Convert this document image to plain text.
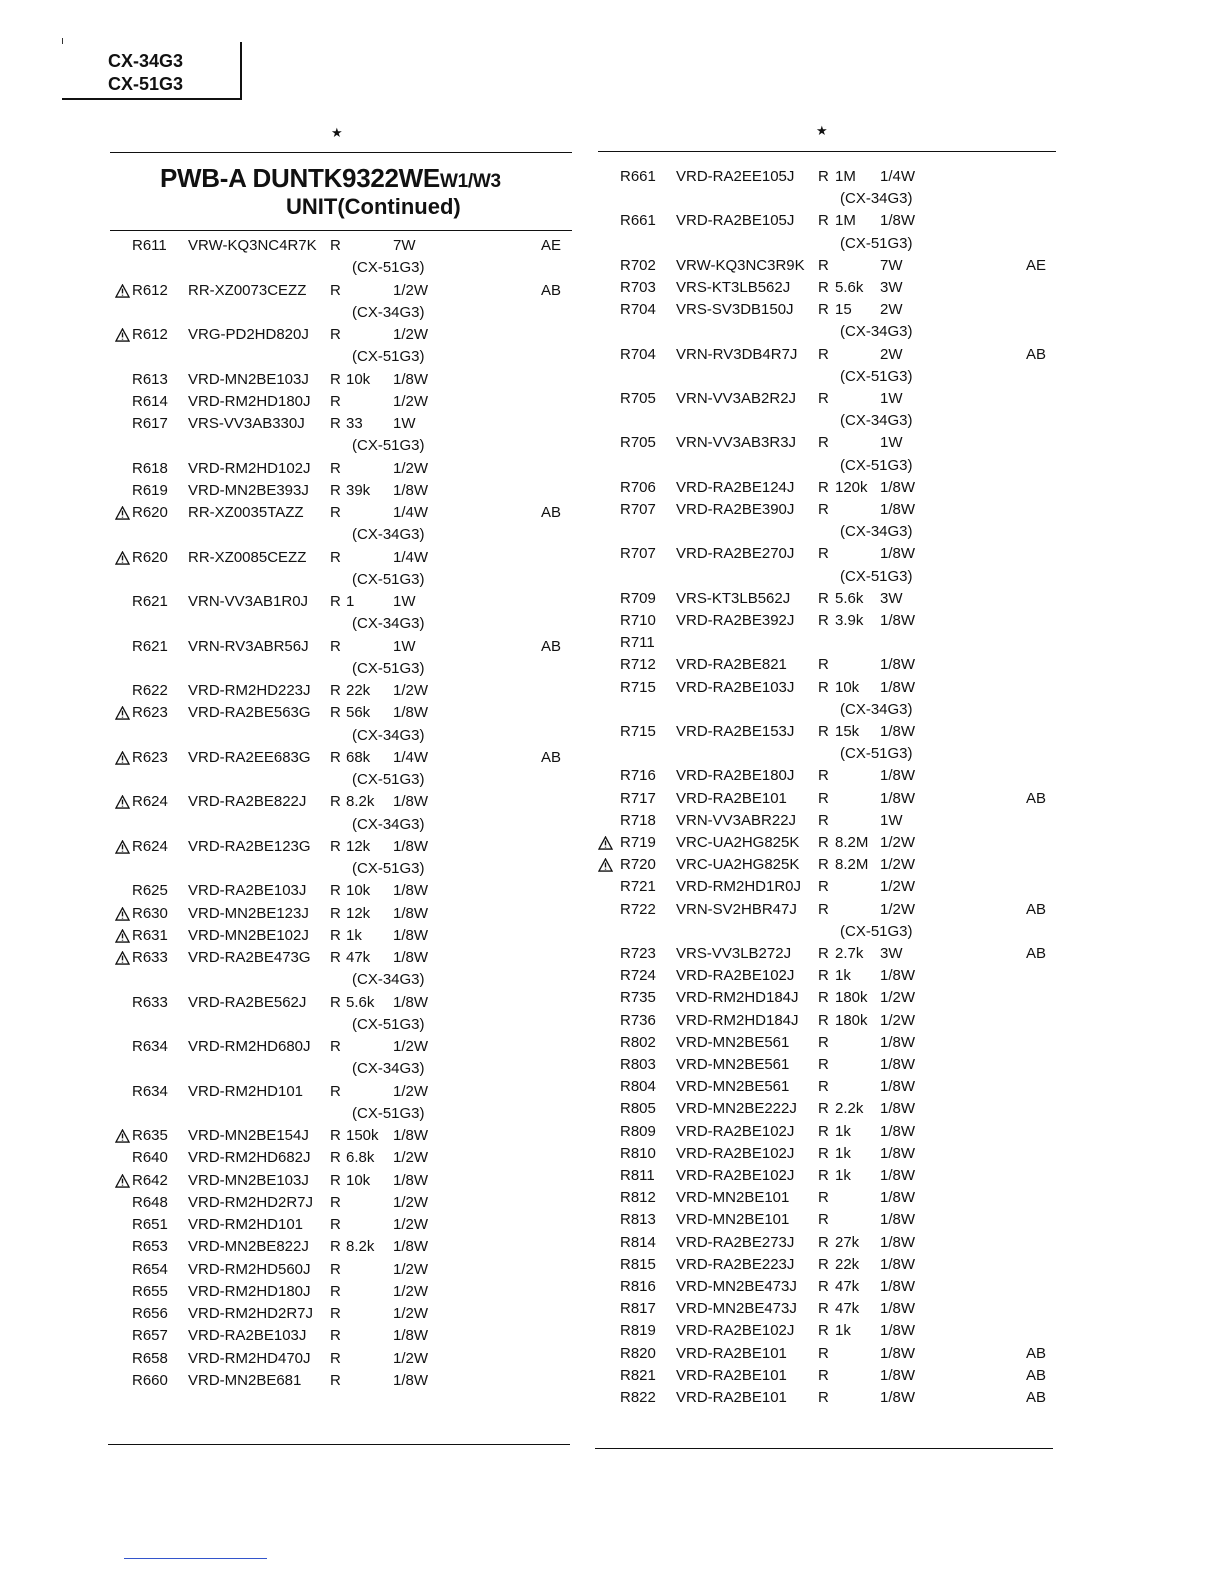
CX-34G3
CX-51G3
★	★
PWB-A DUNTK9322WEW1/W3
UNIT(Continued)
R611 VRW-KQ3NC4R7K R	7W	AE
(CX-51G3)
R612 RR-XZ0073CEZZ R	1/2W	AB
(CX-34G3)
R612 VRG-PD2HD820J R	1/2W
(CX-51G3)
R613 VRD-MN2BE103J R 10k 1/8W
R614 VRD-RM2HD180J R	1/2W
R617 VRS-VV3AB330J R 33 1W
(CX-51G3)
R618 VRD-RM2HD102J R	1/2W
R619 VRD-MN2BE393J R 39k 1/8W
R620 RR-XZ0035TAZZ R	1/4W	AB
(CX-34G3)
R620 RR-XZ0085CEZZ R	1/4W
(CX-51G3)
R621 VRN-VV3AB1R0J R 1	1W
(CX-34G3)
R621 VRN-RV3ABR56J R	1W	AB
(CX-51G3)
R622 VRD-RM2HD223J R 22k 1/2W
R623 VRD-RA2BE563G R 56k 1/8W
(CX-34G3)
R623 VRD-RA2EE683G R 68k 1/4W	AB
(CX-51G3)
R624 VRD-RA2BE822J R 8.2k 1/8W
(CX-34G3)
R624 VRD-RA2BE123G R 12k 1/8W
(CX-51G3)
R625 VRD-RA2BE103J R 10k 1/8W
R630 VRD-MN2BE123J R 12k 1/8W
R631 VRD-MN2BE102J R 1k 1/8W
R633 VRD-RA2BE473G R 47k 1/8W
(CX-34G3)
R633 VRD-RA2BE562J R 5.6k 1/8W
(CX-51G3)
R634 VRD-RM2HD680J R	1/2W
(CX-34G3)
R634 VRD-RM2HD101 R	1/2W
(CX-51G3)
R635 VRD-MN2BE154J R 150k 1/8W
R640 VRD-RM2HD682J R 6.8k 1/2W
R642 VRD-MN2BE103J R 10k 1/8W
R648 VRD-RM2HD2R7J R	1/2W
R651 VRD-RM2HD101 R	1/2W
R653 VRD-MN2BE822J R 8.2k 1/8W
R654 VRD-RM2HD560J R	1/2W
R655 VRD-RM2HD180J R	1/2W
R656 VRD-RM2HD2R7J R	1/2W
R657 VRD-RA2BE103J R	1/8W
R658 VRD-RM2HD470J R	1/2W
R660 VRD-MN2BE681 R	1/8W
R661 VRD-RA2EE105J R 1M 1/4W
(CX-34G3)
R661 VRD-RA2BE105J R 1M 1/8W
(CX-51G3)
R702 VRW-KQ3NC3R9K R	7W	AE
R703 VRS-KT3LB562J R 5.6k 3W
R704 VRS-SV3DB150J R 15 2W
(CX-34G3)
R704 VRN-RV3DB4R7J R	2W	AB
(CX-51G3)
R705 VRN-VV3AB2R2J R	1W
(CX-34G3)
R705 VRN-VV3AB3R3J R	1W
(CX-51G3)
R706 VRD-RA2BE124J R 120k 1/8W
R707 VRD-RA2BE390J R	1/8W
(CX-34G3)
R707 VRD-RA2BE270J R	1/8W
(CX-51G3)
R709 VRS-KT3LB562J R 5.6k 3W
R710 VRD-RA2BE392J R 3.9k 1/8W
R711
R712 VRD-RA2BE821 R	1/8W
R715 VRD-RA2BE103J R 10k 1/8W
(CX-34G3)
R715 VRD-RA2BE153J R 15k 1/8W
(CX-51G3)
R716 VRD-RA2BE180J R	1/8W
R717 VRD-RA2BE101 R	1/8W	AB
R718 VRN-VV3ABR22J R	1W
R719 VRC-UA2HG825K R 8.2M 1/2W
R720 VRC-UA2HG825K R 8.2M 1/2W
R721 VRD-RM2HD1R0J R	1/2W
R722 VRN-SV2HBR47J R	1/2W	AB
(CX-51G3)
R723 VRS-VV3LB272J R 2.7k 3W	AB
R724 VRD-RA2BE102J R 1k 1/8W
R735 VRD-RM2HD184J R 180k 1/2W
R736 VRD-RM2HD184J R 180k 1/2W
R802 VRD-MN2BE561 R	1/8W
R803 VRD-MN2BE561 R	1/8W
R804 VRD-MN2BE561 R	1/8W
R805 VRD-MN2BE222J R 2.2k 1/8W
R809 VRD-RA2BE102J R 1k 1/8W
R810 VRD-RA2BE102J R 1k 1/8W
R811 VRD-RA2BE102J R 1k 1/8W
R812 VRD-MN2BE101 R	1/8W
R813 VRD-MN2BE101 R	1/8W
R814 VRD-RA2BE273J R 27k 1/8W
R815 VRD-RA2BE223J R 22k 1/8W
R816 VRD-MN2BE473J R 47k 1/8W
R817 VRD-MN2BE473J R 47k 1/8W
R819 VRD-RA2BE102J R 1k 1/8W
R820 VRD-RA2BE101 R	1/8W	AB
R821 VRD-RA2BE101 R	1/8W	AB
R822 VRD-RA2BE101 R	1/8W	AB
